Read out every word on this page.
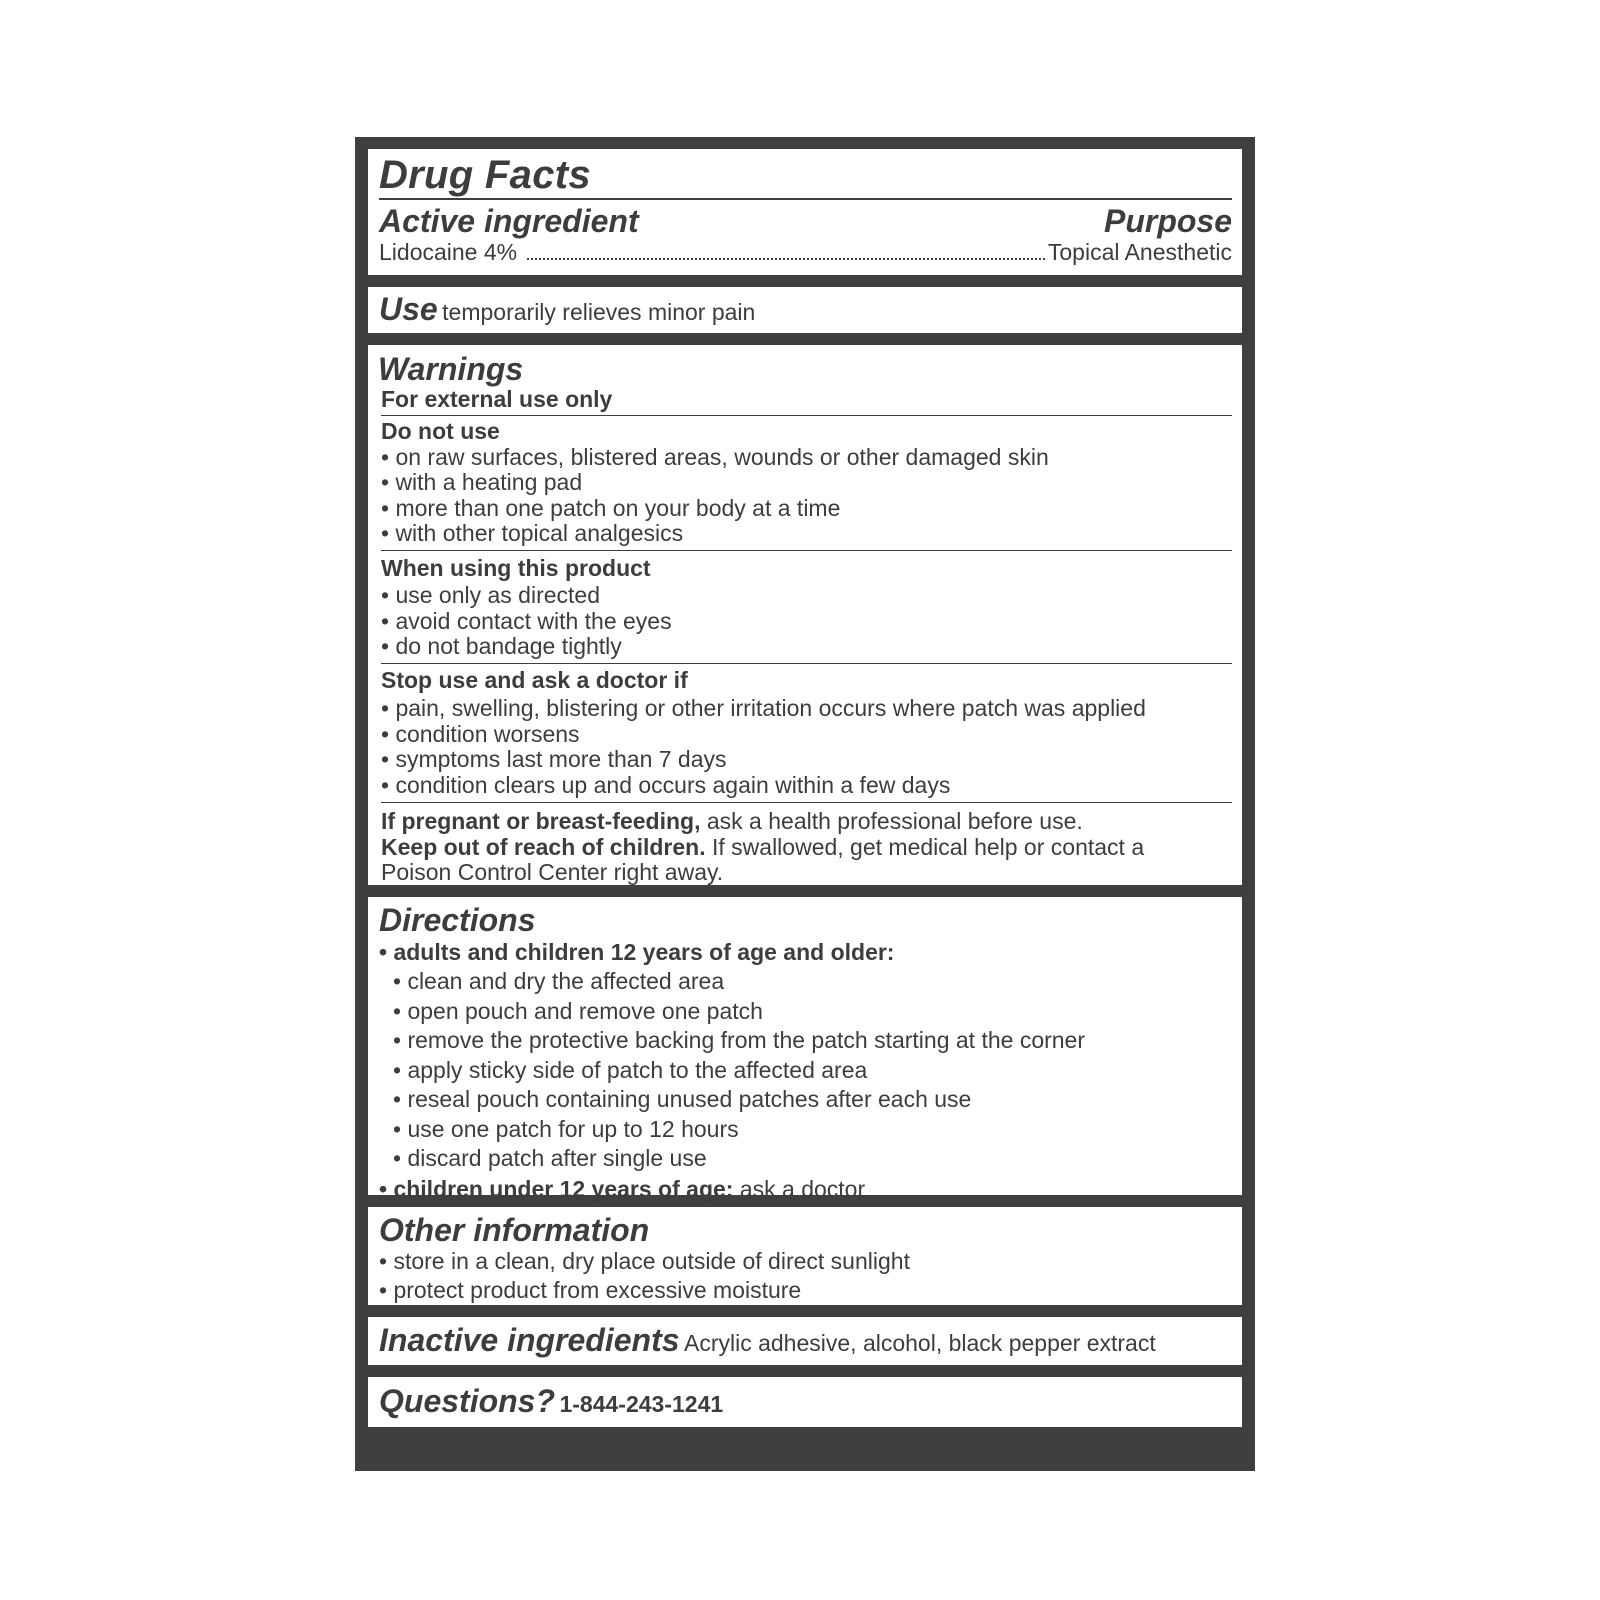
Drug Facts
Active ingredient	Purpose
Lidocaine 4%	Topical Anesthetic
Use temporarily relieves minor pain
Warnings
For external use only
Do not use
• on raw surfaces, blistered areas, wounds or other damaged skin
• with a heating pad
• more than one patch on your body at a time
• with other topical analgesics
When using this product
• use only as directed
• avoid contact with the eyes
• do not bandage tightly
Stop use and ask a doctor if
• pain, swelling, blistering or other irritation occurs where patch was applied
• condition worsens
• symptoms last more than 7 days
• condition clears up and occurs again within a few days
If pregnant or breast-feeding, ask a health professional before use.
Keep out of reach of children. If swallowed, get medical help or contact a
Poison Control Center right away.
Directions
• adults and children 12 years of age and older:
• clean and dry the affected area
• open pouch and remove one patch
• remove the protective backing from the patch starting at the corner
• apply sticky side of patch to the affected area
• reseal pouch containing unused patches after each use
• use one patch for up to 12 hours
• discard patch after single use
• children under 12 years of age: ask a doctor
Other information
• store in a clean, dry place outside of direct sunlight
• protect product from excessive moisture
Inactive ingredients Acrylic adhesive, alcohol, black pepper extract
Questions? 1-844-243-1241
